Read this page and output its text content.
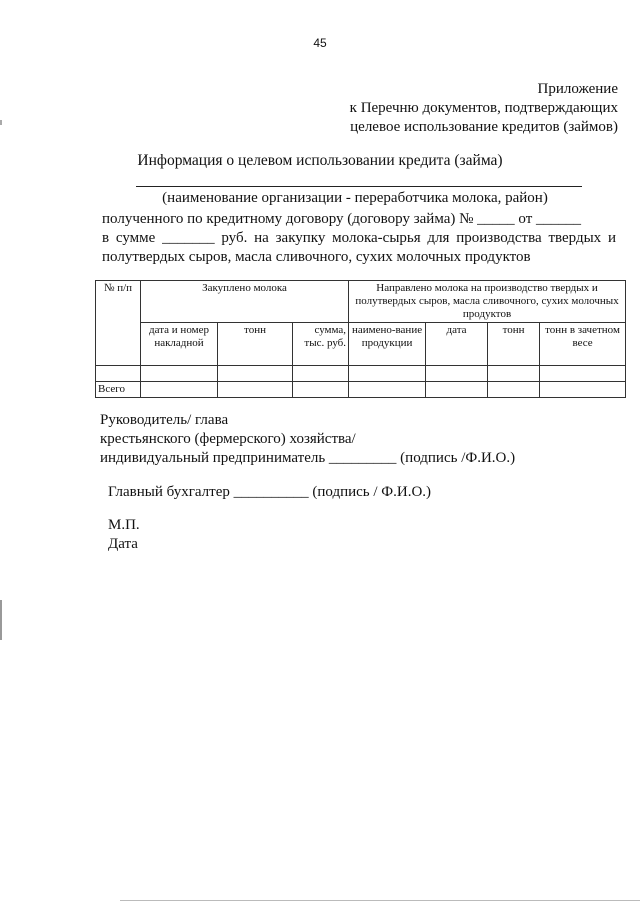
45
Приложение
к Перечню документов, подтверждающих
целевое использование кредитов (займов)
Информация о целевом использовании кредита (займа)
(наименование организации - переработчика молока, район)
полученного по кредитному договору (договору займа) № _____ от ______
в сумме _______ руб. на закупку молока-сырья для производства твердых и
полутвердых сыров, масла сливочного, сухих молочных продуктов
№ п/п	Закуплено молока			Направлено молока на производство твердых и полутвердых сыров, масла сливочного, сухих молочных продуктов			
	дата и номер накладной	тонн	сумма, тыс. руб.	наимено-вание продукции	дата	тонн	тонн в зачетном весе

Всего							
Руководитель/ глава
крестьянского (фермерского) хозяйства/
индивидуальный предприниматель _________ (подпись /Ф.И.О.)
Главный бухгалтер __________ (подпись / Ф.И.О.)
М.П.
Дата
